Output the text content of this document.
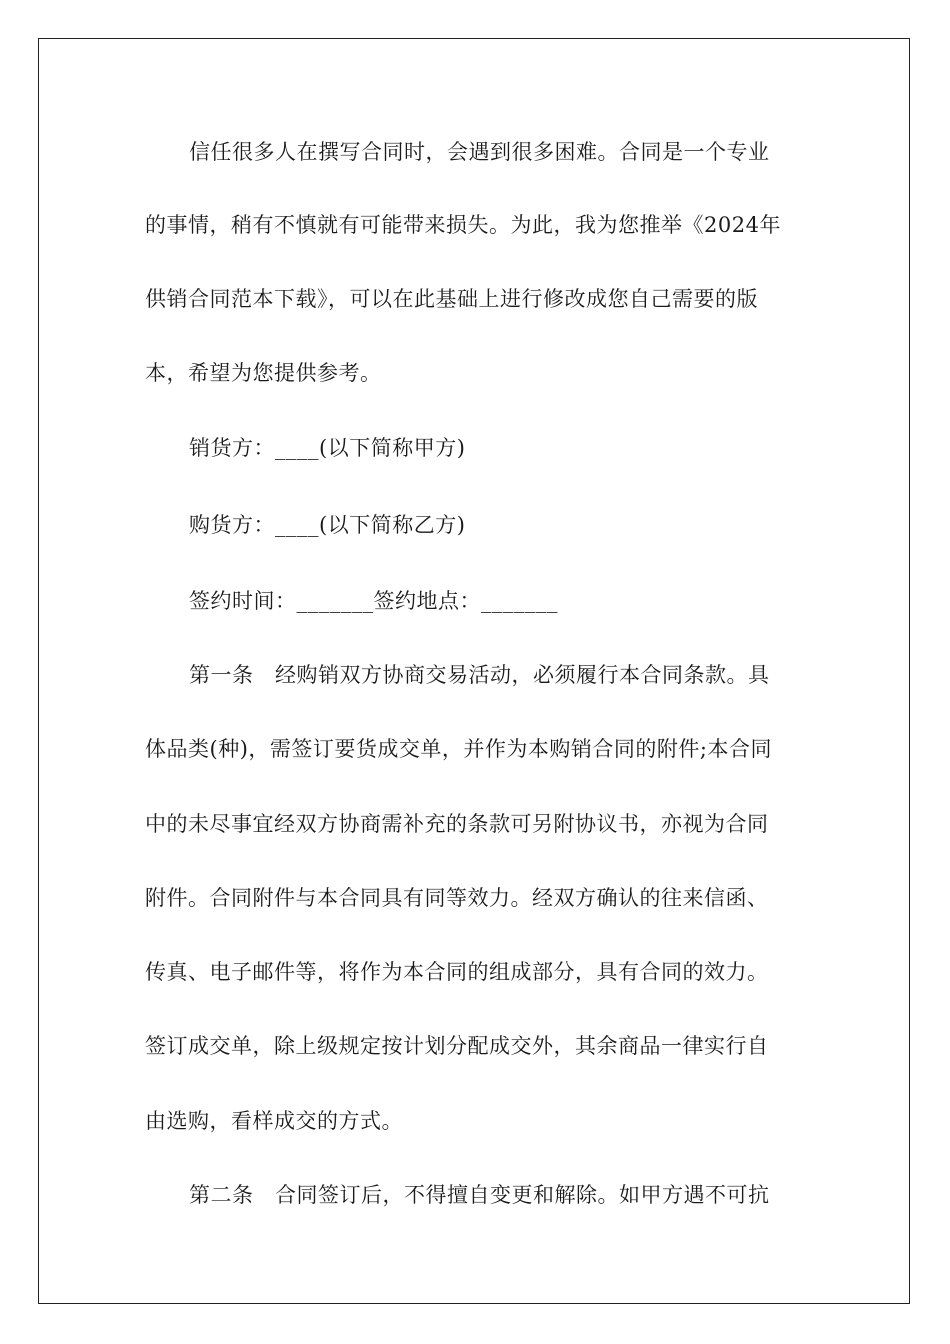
信任很多人在撰写合同时，会遇到很多困难。合同是一个专业
的事情，稍有不慎就有可能带来损失。为此，我为您推举《2024年
供销合同范本下载》，可以在此基础上进行修改成您自己需要的版
本，希望为您提供参考。
销货方：____(以下简称甲方)
购货方：____(以下简称乙方)
签约时间：_______签约地点：_______
第一条　经购销双方协商交易活动，必须履行本合同条款。具
体品类(种)，需签订要货成交单，并作为本购销合同的附件;本合同
中的未尽事宜经双方协商需补充的条款可另附协议书，亦视为合同
附件。合同附件与本合同具有同等效力。经双方确认的往来信函、
传真、电子邮件等，将作为本合同的组成部分，具有合同的效力。
签订成交单，除上级规定按计划分配成交外，其余商品一律实行自
由选购，看样成交的方式。
第二条　合同签订后，不得擅自变更和解除。如甲方遇不可抗
